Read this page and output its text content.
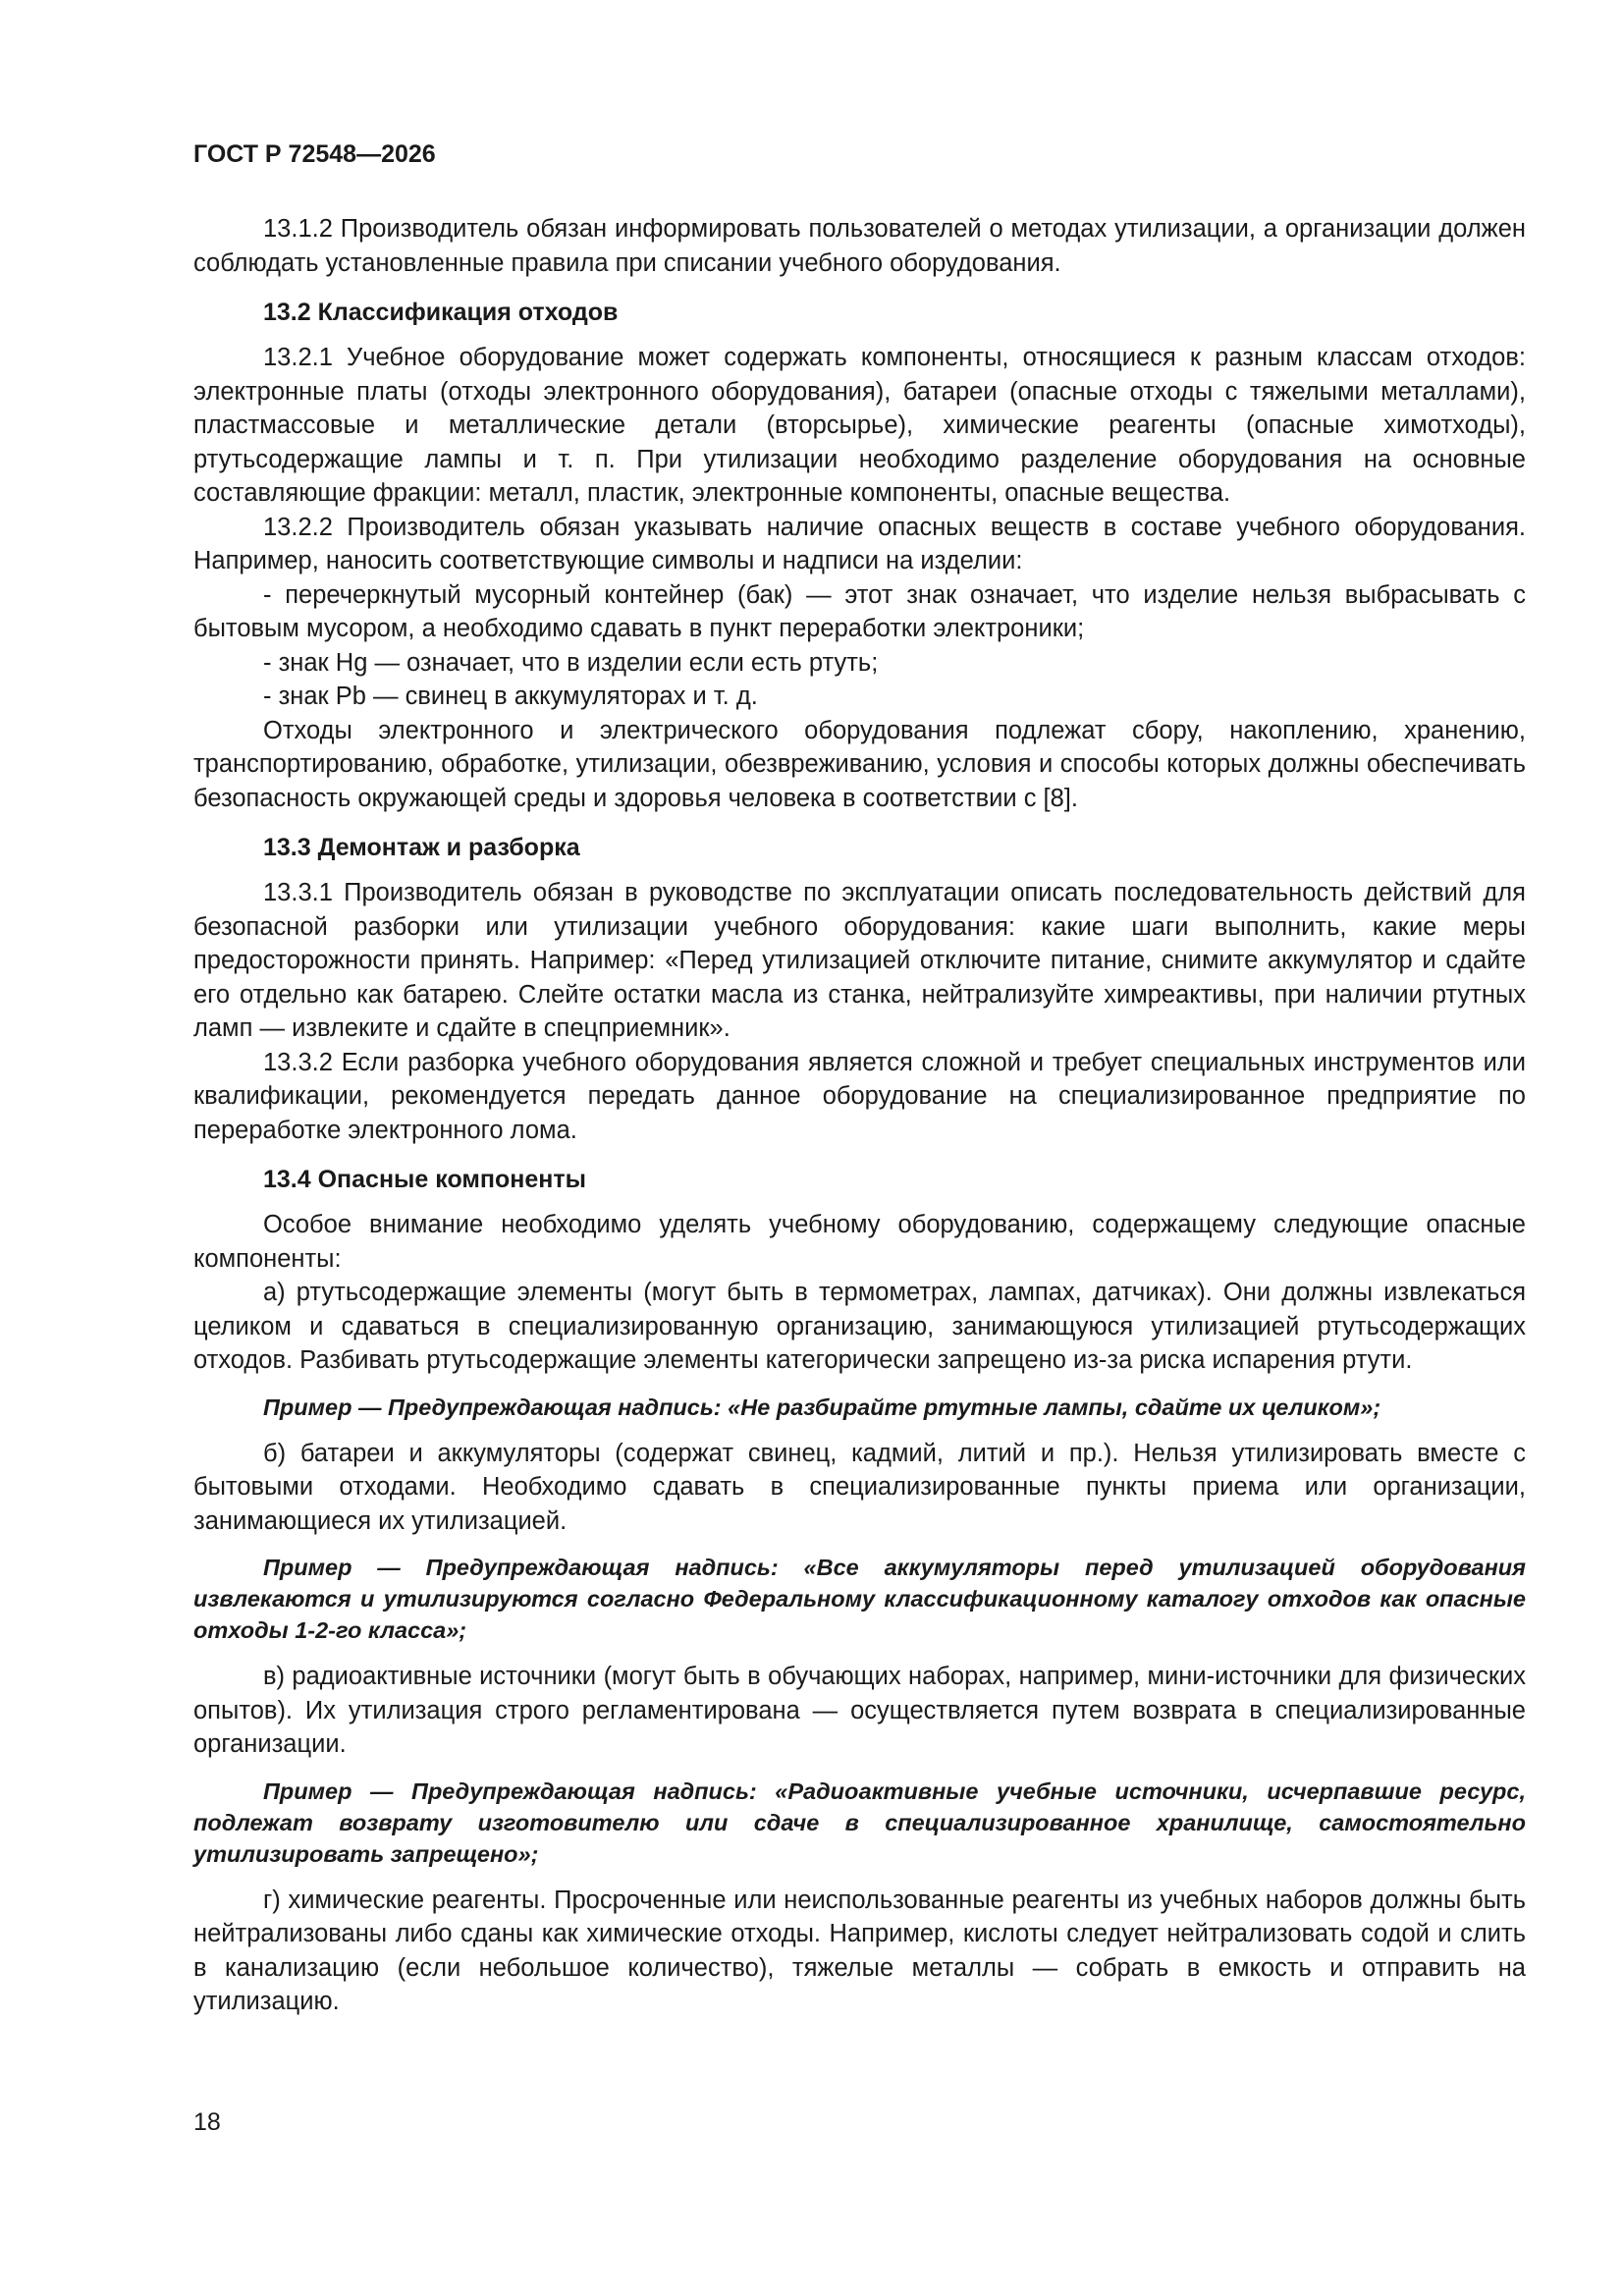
ГОСТ Р 72548—2026

13.1.2 Производитель обязан информировать пользователей о методах утилизации, а организации должен соблюдать установленные правила при списании учебного оборудования.

13.2 Классификация отходов

13.2.1 Учебное оборудование может содержать компоненты, относящиеся к разным классам отходов: электронные платы (отходы электронного оборудования), батареи (опасные отходы с тяжелыми металлами), пластмассовые и металлические детали (вторсырье), химические реагенты (опасные химотходы), ртутьсодержащие лампы и т. п. При утилизации необходимо разделение оборудования на основные составляющие фракции: металл, пластик, электронные компоненты, опасные вещества.

13.2.2 Производитель обязан указывать наличие опасных веществ в составе учебного оборудования. Например, наносить соответствующие символы и надписи на изделии:

- перечеркнутый мусорный контейнер (бак) — этот знак означает, что изделие нельзя выбрасывать с бытовым мусором, а необходимо сдавать в пункт переработки электроники;

- знак Hg — означает, что в изделии если есть ртуть;

- знак Pb — свинец в аккумуляторах и т. д.

Отходы электронного и электрического оборудования подлежат сбору, накоплению, хранению, транспортированию, обработке, утилизации, обезвреживанию, условия и способы которых должны обеспечивать безопасность окружающей среды и здоровья человека в соответствии с [8].

13.3 Демонтаж и разборка

13.3.1 Производитель обязан в руководстве по эксплуатации описать последовательность действий для безопасной разборки или утилизации учебного оборудования: какие шаги выполнить, какие меры предосторожности принять. Например: «Перед утилизацией отключите питание, снимите аккумулятор и сдайте его отдельно как батарею. Слейте остатки масла из станка, нейтрализуйте химреактивы, при наличии ртутных ламп — извлеките и сдайте в спецприемник».

13.3.2 Если разборка учебного оборудования является сложной и требует специальных инструментов или квалификации, рекомендуется передать данное оборудование на специализированное предприятие по переработке электронного лома.

13.4 Опасные компоненты

Особое внимание необходимо уделять учебному оборудованию, содержащему следующие опасные компоненты:

а) ртутьсодержащие элементы (могут быть в термометрах, лампах, датчиках). Они должны извлекаться целиком и сдаваться в специализированную организацию, занимающуюся утилизацией ртутьсодержащих отходов. Разбивать ртутьсодержащие элементы категорически запрещено из-за риска испарения ртути.

Пример — Предупреждающая надпись: «Не разбирайте ртутные лампы, сдайте их целиком»;

б) батареи и аккумуляторы (содержат свинец, кадмий, литий и пр.). Нельзя утилизировать вместе с бытовыми отходами. Необходимо сдавать в специализированные пункты приема или организации, занимающиеся их утилизацией.

Пример — Предупреждающая надпись: «Все аккумуляторы перед утилизацией оборудования извлекаются и утилизируются согласно Федеральному классификационному каталогу отходов как опасные отходы 1-2-го класса»;

в) радиоактивные источники (могут быть в обучающих наборах, например, мини-источники для физических опытов). Их утилизация строго регламентирована — осуществляется путем возврата в специализированные организации.

Пример — Предупреждающая надпись: «Радиоактивные учебные источники, исчерпавшие ресурс, подлежат возврату изготовителю или сдаче в специализированное хранилище, самостоятельно утилизировать запрещено»;

г) химические реагенты. Просроченные или неиспользованные реагенты из учебных наборов должны быть нейтрализованы либо сданы как химические отходы. Например, кислоты следует нейтрализовать содой и слить в канализацию (если небольшое количество), тяжелые металлы — собрать в емкость и отправить на утилизацию.

18
